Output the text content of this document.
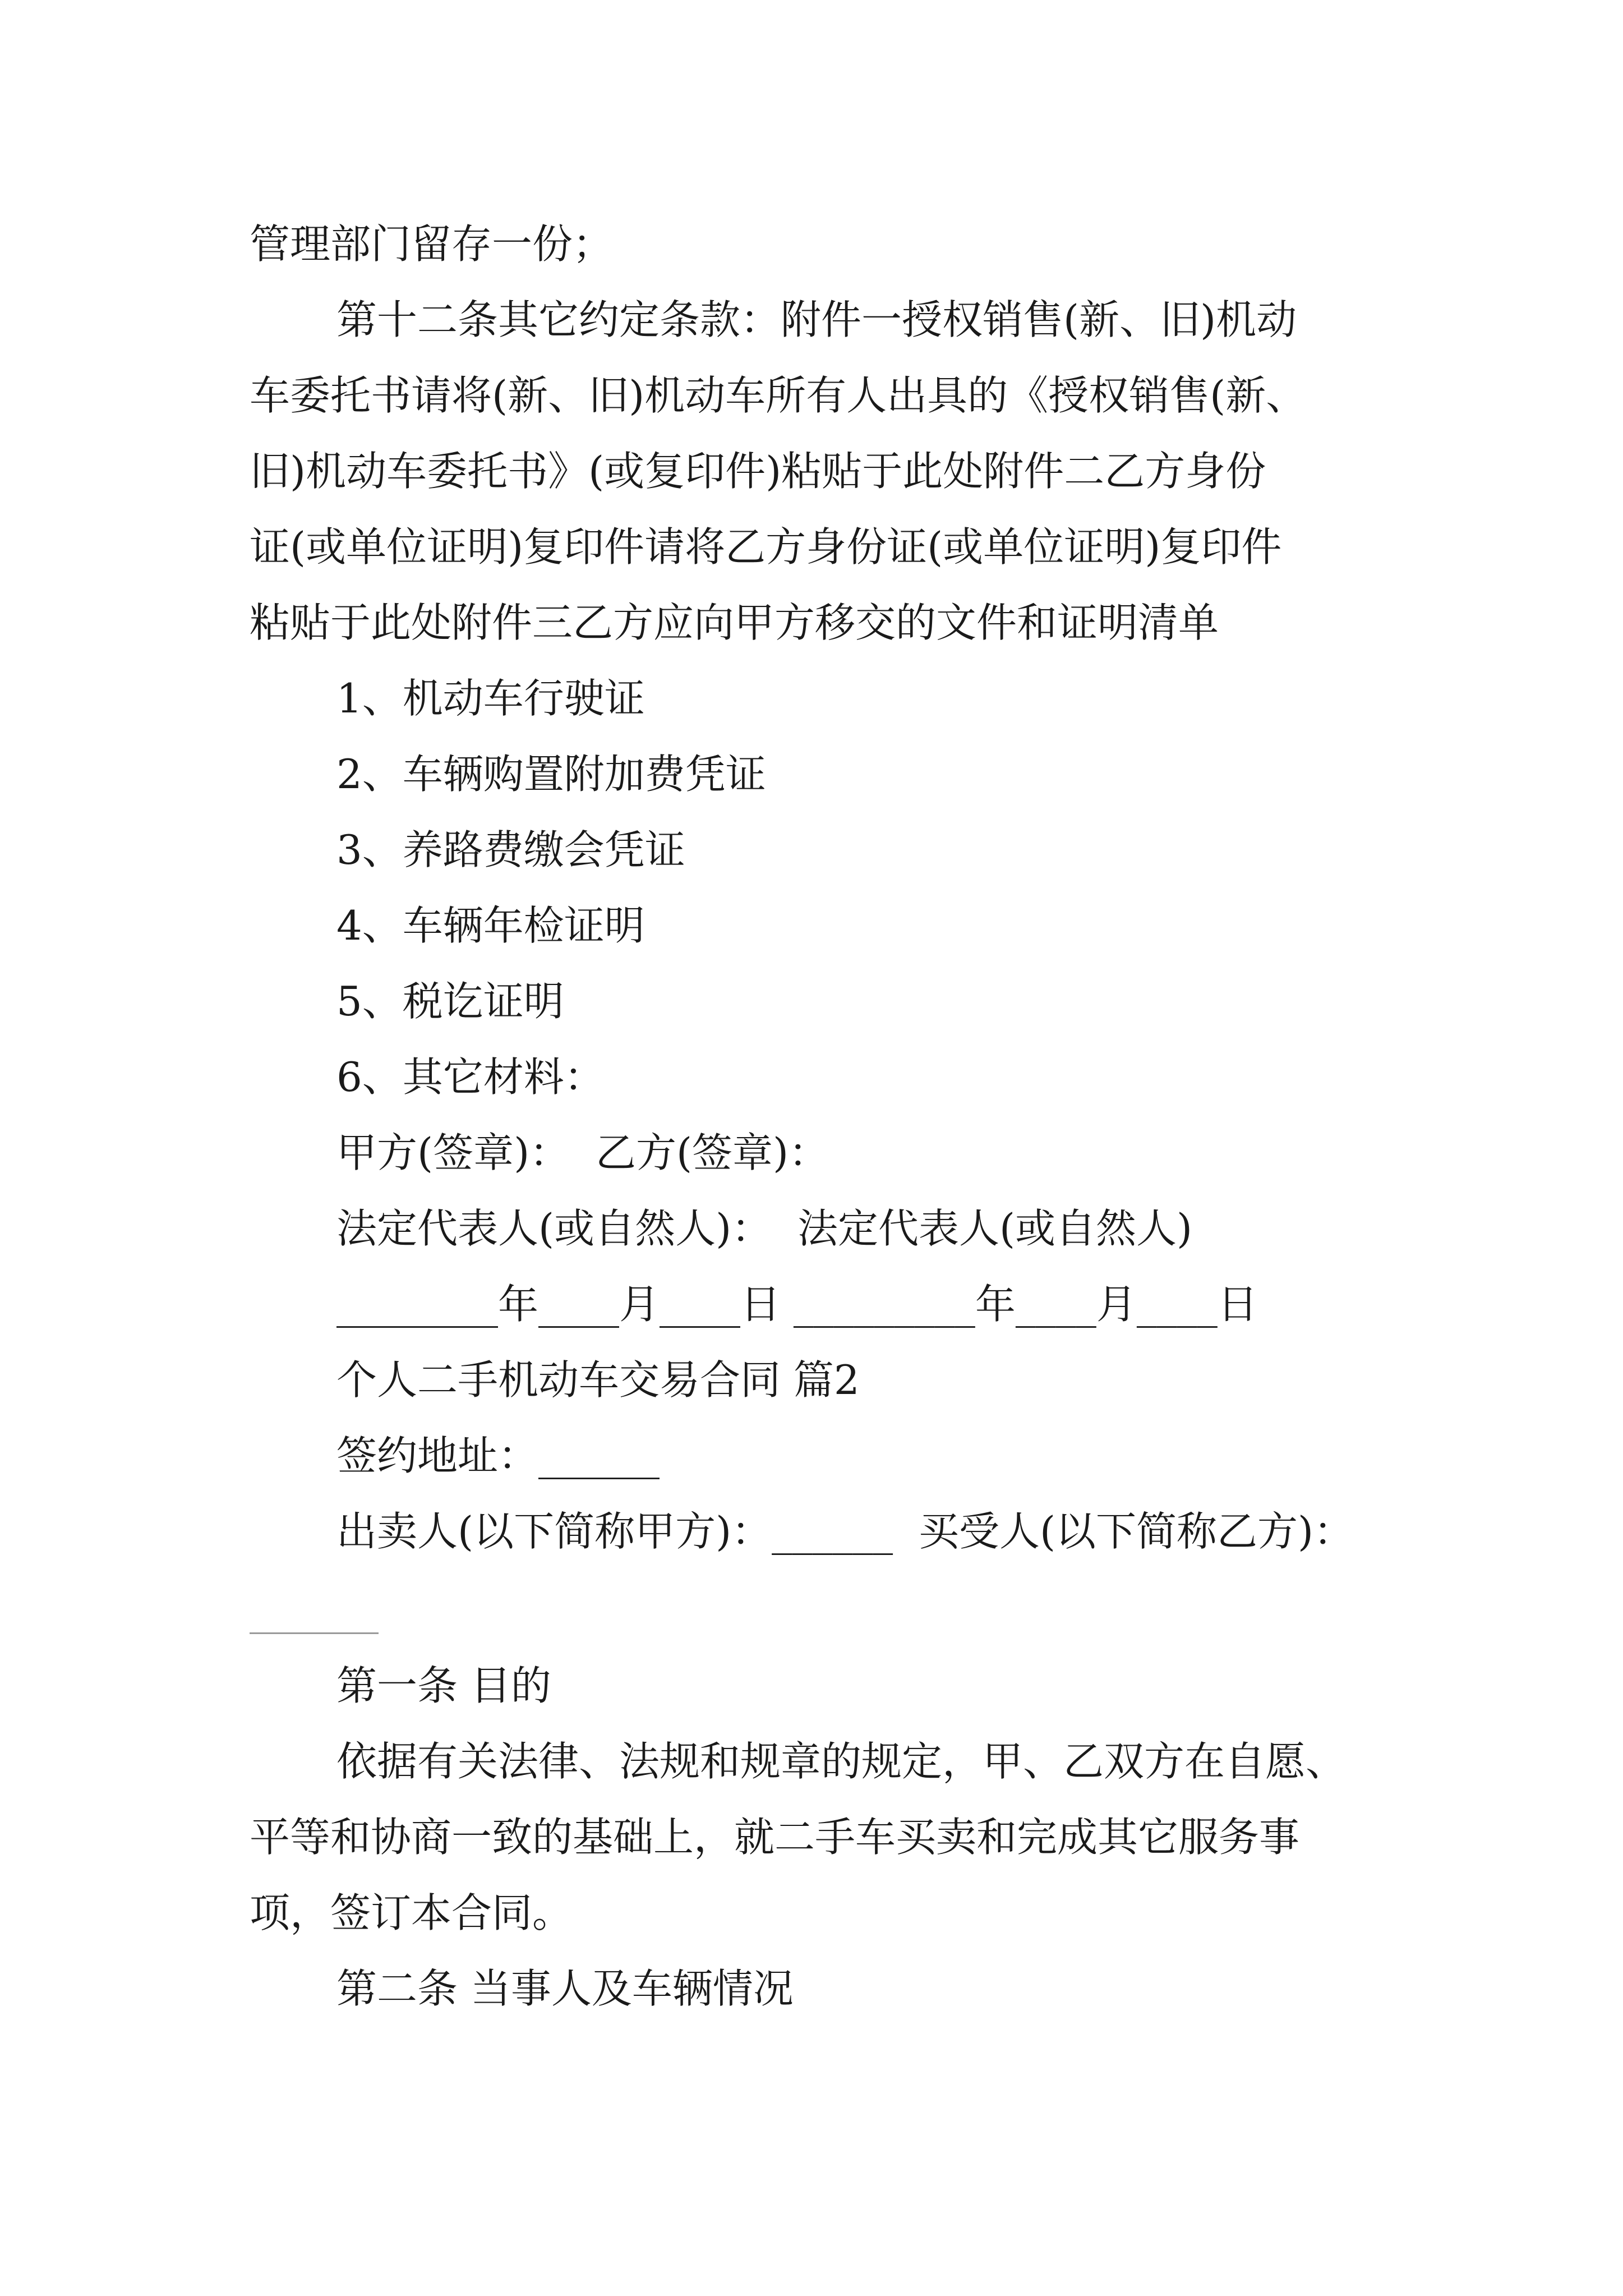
管理部门留存一份；
第十二条其它约定条款：附件一授权销售(新、旧)机动
车委托书请将(新、旧)机动车所有人出具的《授权销售(新、
旧)机动车委托书》(或复印件)粘贴于此处附件二乙方身份
证(或单位证明)复印件请将乙方身份证(或单位证明)复印件
粘贴于此处附件三乙方应向甲方移交的文件和证明清单
1、机动车行驶证
2、车辆购置附加费凭证
3、养路费缴会凭证
4、车辆年检证明
5、税讫证明
6、其它材料：
甲方(签章)：  乙方(签章)：
法定代表人(或自然人)：  法定代表人(或自然人)
________年____月____日 _________年____月____日
个人二手机动车交易合同 篇2
签约地址：______
出卖人(以下简称甲方)：______  买受人(以下简称乙方)：
第一条 目的
依据有关法律、法规和规章的规定，甲、乙双方在自愿、
平等和协商一致的基础上，就二手车买卖和完成其它服务事
项，签订本合同。
第二条 当事人及车辆情况
